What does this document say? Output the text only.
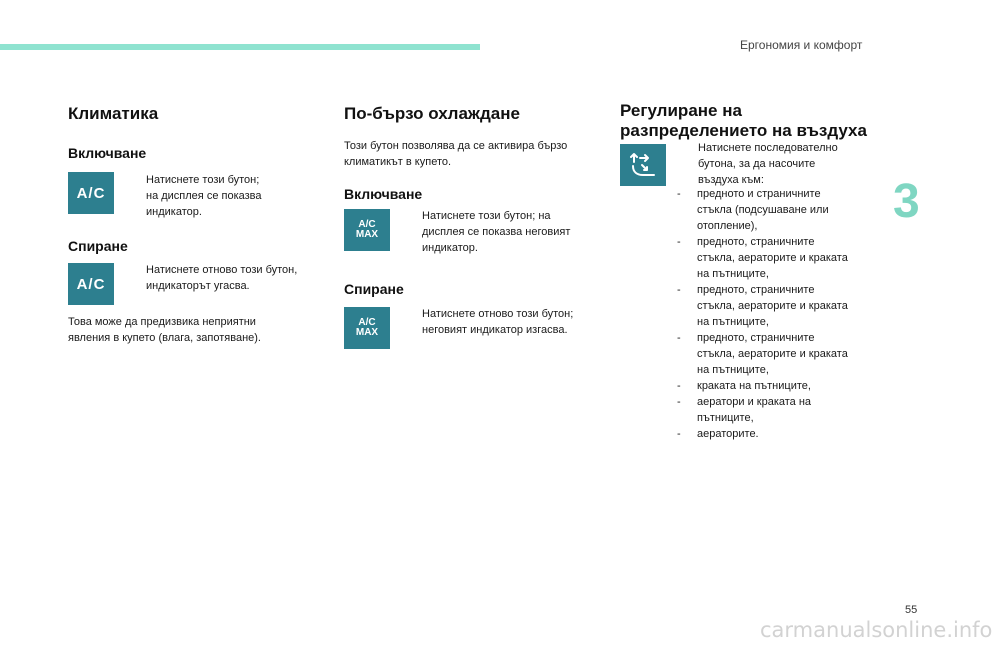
Ергономия и комфорт
3
Климатика
Включване
A/C
Натиснете този бутон;
на дисплея се показва
индикатор.
Спиране
A/C
Натиснете отново този бутон,
индикаторът угасва.
Това може да предизвика неприятни
явления в купето (влага, запотяване).
По-бързо охлаждане
Този бутон позволява да се активира бързо
климатикът в купето.
Включване
A/C
MAX
Натиснете този бутон; на
дисплея се показва неговият
индикатор.
Спиране
A/C
MAX
Натиснете отново този бутон;
неговият индикатор изгасва.
Регулиране на
разпределението на въздуха
Натиснете последователно
бутона, за да насочите
въздуха към:
- предното и страничните
стъкла (подсушаване или
отопление),
- предното, страничните
стъкла, аераторите и краката
на пътниците,
- предното, страничните
стъкла, аераторите и краката
на пътниците,
- предното, страничните
стъкла, аераторите и краката
на пътниците,
- краката на пътниците,
- аератори и краката на
пътниците,
- аераторите.
55
carmanualsonline.info
